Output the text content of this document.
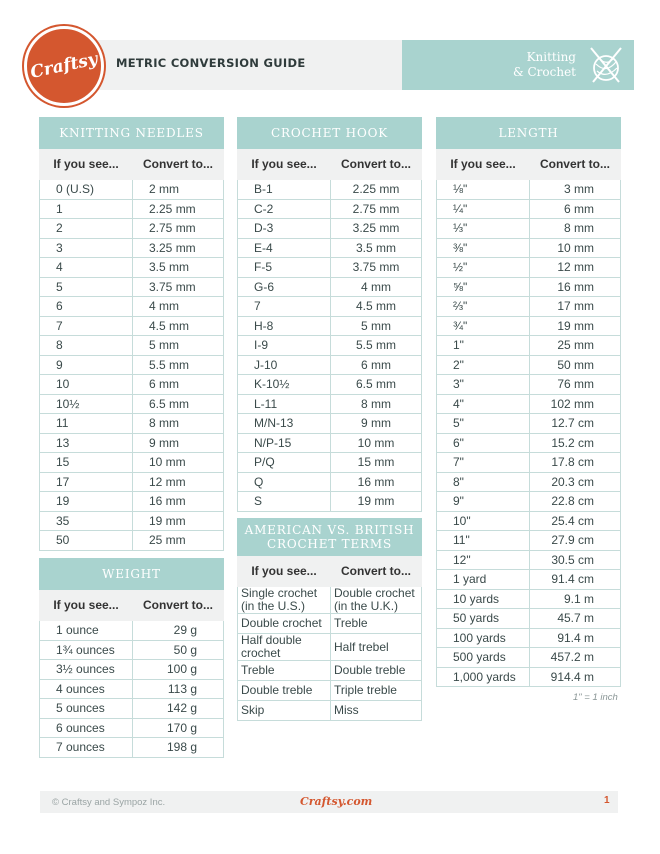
Craftsy METRIC CONVERSION GUIDE	Knitting
& Crochet
KNITTING NEEDLES	
If you see...	Convert to...
0 (U.S)	2 mm
1	2.25 mm
2	2.75 mm
3	3.25 mm
4	3.5 mm
5	3.75 mm
6	4 mm
7	4.5 mm
8	5 mm
9	5.5 mm
10	6 mm
10½	6.5 mm
11	8 mm
13	9 mm
15	10 mm
17	12 mm
19	16 mm
35	19 mm
50	25 mm
WEIGHT	
If you see...	Convert to...
1 ounce	29 g
1¾ ounces	50 g
3½ ounces	100 g
4 ounces	113 g
5 ounces	142 g
6 ounces	170 g
7 ounces	198 g
CROCHET HOOK	
If you see...	Convert to...
B-1	2.25 mm
C-2	2.75 mm
D-3	3.25 mm
E-4	3.5 mm
F-5	3.75 mm
G-6	4 mm
7	4.5 mm
H-8	5 mm
I-9	5.5 mm
J-10	6 mm
K-10½	6.5 mm
L-11	8 mm
M/N-13	9 mm
N/P-15	10 mm
P/Q	15 mm
Q	16 mm
S	19 mm
AMERICAN VS. BRITISH
CROCHET TERMS	

If you see...	Convert to...
Single crochet (in the U.S.)	Double crochet (in the U.K.)
Double crochet	Treble
Half double crochet	Half trebel
Treble	Double treble
Double treble	Triple treble
Skip	Miss
LENGTH	
If you see...	Convert to...
⅛"	3 mm
¼"	6 mm
⅓"	8 mm
⅜"	10 mm
½"	12 mm
⅝"	16 mm
⅔"	17 mm
¾"	19 mm
1"	25 mm
2"	50 mm
3"	76 mm
4"	102 mm
5"	12.7 cm
6"	15.2 cm
7"	17.8 cm
8"	20.3 cm
9"	22.8 cm
10"	25.4 cm
11"	27.9 cm
12"	30.5 cm
1 yard	91.4 cm
10 yards	9.1 m
50 yards	45.7 m
100 yards	91.4 m
500 yards	457.2 m
1,000 yards	914.4 m
1" = 1 inch
© Craftsy and Sympoz Inc.	Craftsy.com	1
